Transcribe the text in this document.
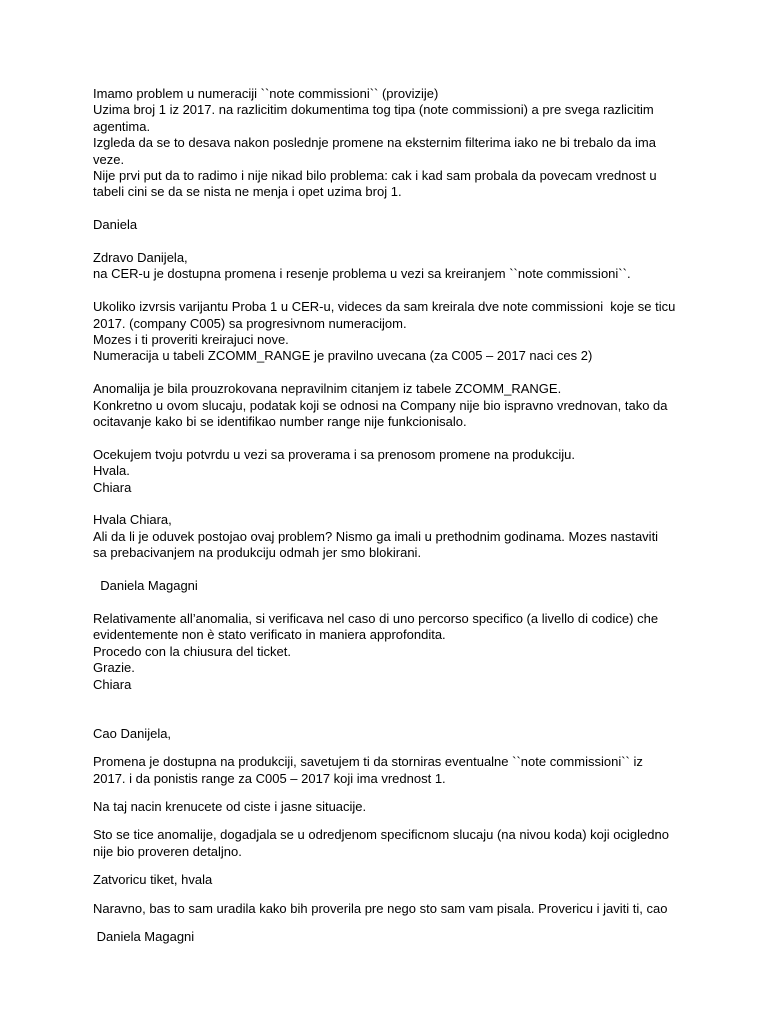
Imamo problem u numeraciji ``note commissioni`` (provizije)
Uzima broj 1 iz 2017. na razlicitim dokumentima tog tipa (note commissioni) a pre svega razlicitim
agentima.
Izgleda da se to desava nakon poslednje promene na eksternim filterima iako ne bi trebalo da ima
veze.
Nije prvi put da to radimo i nije nikad bilo problema: cak i kad sam probala da povecam vrednost u
tabeli cini se da se nista ne menja i opet uzima broj 1.
Daniela
Zdravo Danijela,
na CER-u je dostupna promena i resenje problema u vezi sa kreiranjem ``note commissioni``.
Ukoliko izvrsis varijantu Proba 1 u CER-u, videces da sam kreirala dve note commissioni  koje se ticu
2017. (company C005) sa progresivnom numeracijom.
Mozes i ti proveriti kreirajuci nove.
Numeracija u tabeli ZCOMM_RANGE je pravilno uvecana (za C005 – 2017 naci ces 2)
Anomalija je bila prouzrokovana nepravilnim citanjem iz tabele ZCOMM_RANGE.
Konkretno u ovom slucaju, podatak koji se odnosi na Company nije bio ispravno vrednovan, tako da
ocitavanje kako bi se identifikao number range nije funkcionisalo.
Ocekujem tvoju potvrdu u vezi sa proverama i sa prenosom promene na produkciju.
Hvala.
Chiara
Hvala Chiara,
Ali da li je oduvek postojao ovaj problem? Nismo ga imali u prethodnim godinama. Mozes nastaviti
sa prebacivanjem na produkciju odmah jer smo blokirani.
Daniela Magagni
Relativamente all’anomalia, si verificava nel caso di uno percorso specifico (a livello di codice) che
evidentemente non è stato verificato in maniera approfondita.
Procedo con la chiusura del ticket.
Grazie.
Chiara
Cao Danijela,
Promena je dostupna na produkciji, savetujem ti da storniras eventualne ``note commissioni`` iz
2017. i da ponistis range za C005 – 2017 koji ima vrednost 1.
Na taj nacin krenucete od ciste i jasne situacije.
Sto se tice anomalije, dogadjala se u odredjenom specificnom slucaju (na nivou koda) koji ocigledno
nije bio proveren detaljno.
Zatvoricu tiket, hvala
Naravno, bas to sam uradila kako bih proverila pre nego sto sam vam pisala. Provericu i javiti ti, cao
Daniela Magagni
